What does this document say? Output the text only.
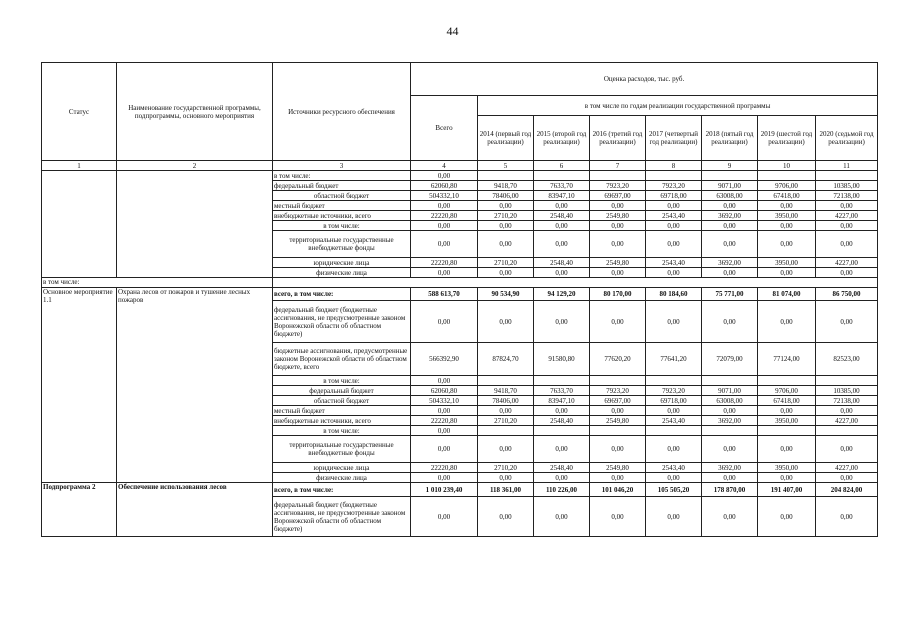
44
Статус	Наименование государственной программы, подпрограммы, основного мероприятия	Источники ресурсного обеспечения	Оценка расходов, тыс. руб.							
			Всего	в том числе по годам реализации государственной программы						
				2014 (первый год реализации)	2015 (второй год реализации)	2016 (третий год реализации)	2017 (четвертый год реализации)	2018 (пятый год реализации)	2019 (шестой год реализации)	2020 (седьмой год реализации)
1	2	3	4	5	6	7	8	9	10	11
		в том числе:	0,00							
		федеральный бюджет	62060,80	9418,70	7633,70	7923,20	7923,20	9071,00	9706,00	10385,00
		областной бюджет	504332,10	78406,00	83947,10	69697,00	69718,00	63008,00	67418,00	72138,00
		местный бюджет	0,00	0,00	0,00	0,00	0,00	0,00	0,00	0,00
		внебюджетные источники, всего	22220,80	2710,20	2548,40	2549,80	2543,40	3692,00	3950,00	4227,00
		в том числе:	0,00	0,00	0,00	0,00	0,00	0,00	0,00	0,00
		территориальные государственные внебюджетные фонды	0,00	0,00	0,00	0,00	0,00	0,00	0,00	0,00
		юридические лица	22220,80	2710,20	2548,40	2549,80	2543,40	3692,00	3950,00	4227,00
		физические лица	0,00	0,00	0,00	0,00	0,00	0,00	0,00	0,00
в том числе:										
Основное мероприятие 1.1	Охрана лесов от пожаров и тушение лесных пожаров	всего, в том числе:	588 613,70	90 534,90	94 129,20	80 170,00	80 184,60	75 771,00	81 074,00	86 750,00
		федеральный бюджет (бюджетные ассигнования, не предусмотренные законом Воронежской области об областном бюджете)	0,00	0,00	0,00	0,00	0,00	0,00	0,00	0,00
		бюджетные ассигнования, предусмотренные законом Воронежской области об областном бюджете, всего	566392,90	87824,70	91580,80	77620,20	77641,20	72079,00	77124,00	82523,00
		в том числе:	0,00							
		федеральный бюджет	62060,80	9418,70	7633,70	7923,20	7923,20	9071,00	9706,00	10385,00
		областной бюджет	504332,10	78406,00	83947,10	69697,00	69718,00	63008,00	67418,00	72138,00
		местный бюджет	0,00	0,00	0,00	0,00	0,00	0,00	0,00	0,00
		внебюджетные источники, всего	22220,80	2710,20	2548,40	2549,80	2543,40	3692,00	3950,00	4227,00
		в том числе:	0,00							
		территориальные государственные внебюджетные фонды	0,00	0,00	0,00	0,00	0,00	0,00	0,00	0,00
		юридические лица	22220,80	2710,20	2548,40	2549,80	2543,40	3692,00	3950,00	4227,00
		физические лица	0,00	0,00	0,00	0,00	0,00	0,00	0,00	0,00
Подпрограмма 2	Обеспечение использования лесов	всего, в том числе:	1 010 239,40	118 361,00	110 226,00	101 046,20	105 505,20	178 870,00	191 407,00	204 824,00
		федеральный бюджет (бюджетные ассигнования, не предусмотренные законом Воронежской области об областном бюджете)	0,00	0,00	0,00	0,00	0,00	0,00	0,00	0,00
